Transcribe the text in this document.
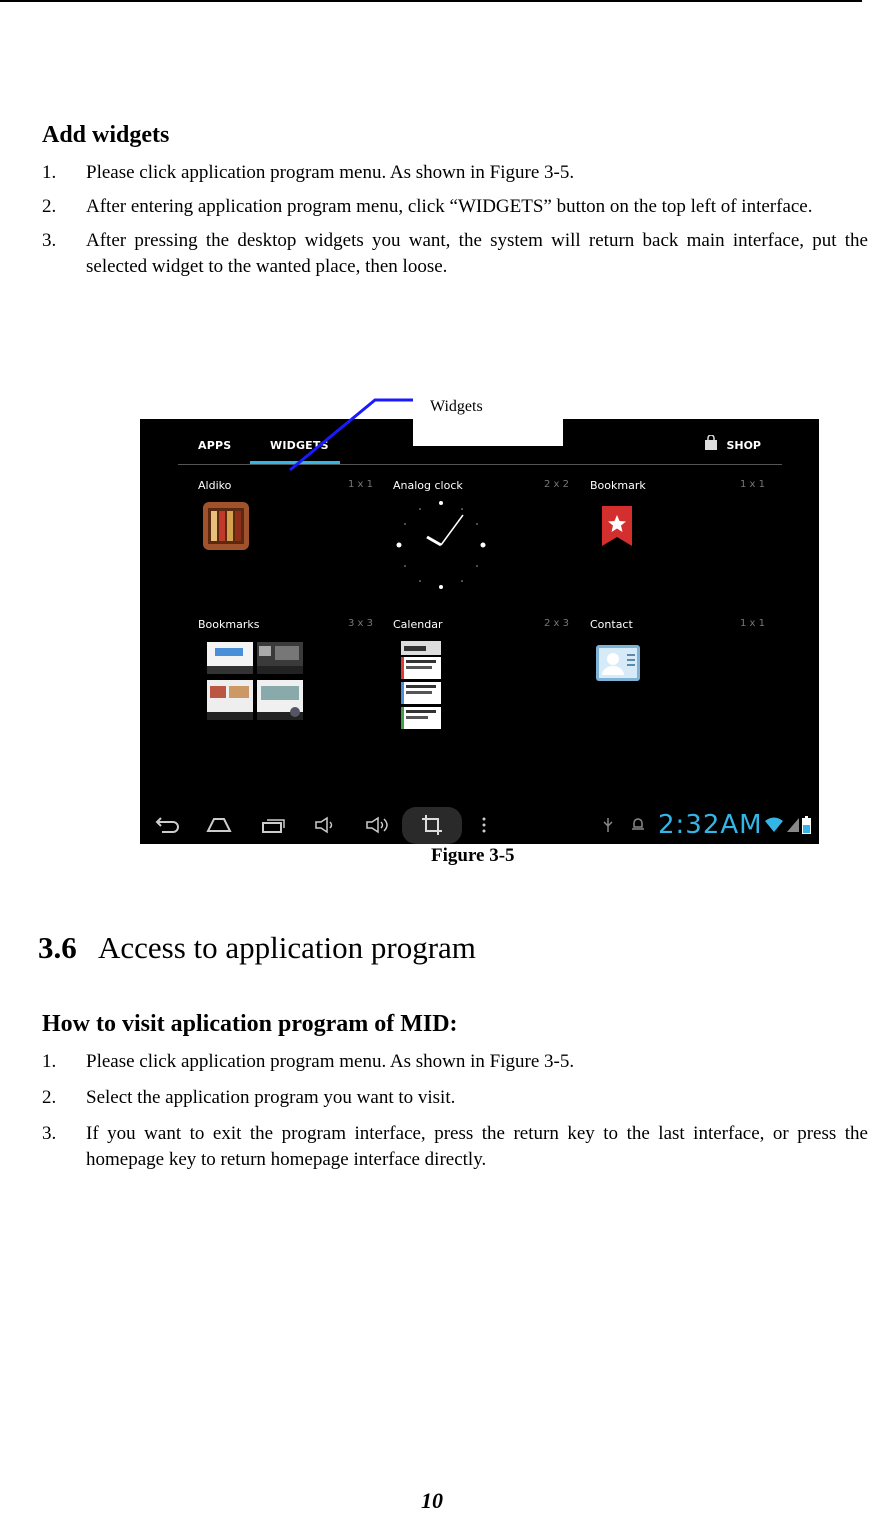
Add widgets
1. Please click application program menu. As shown in Figure 3-5.
2. After entering application program menu, click “WIDGETS” button on the top left of interface.
3. After pressing the desktop widgets you want, the system will return back main interface, put the selected widget to the wanted place, then loose.
APPS	WIDGETS	SHOP
Aldiko	1 x 1 Analog clock	2 x 2 Bookmark	1 x 1
Bookmarks	3 x 3 Calendar	2 x 3 Contact	1 x 1
2:32AM
Widgets
Figure 3-5
3.6 Access to application program
How to visit aplication program of MID:
1. Please click application program menu. As shown in Figure 3-5.
2. Select the application program you want to visit.
3. If you want to exit the program interface, press the return key to the last interface, or press the homepage key to return homepage interface directly.
10
